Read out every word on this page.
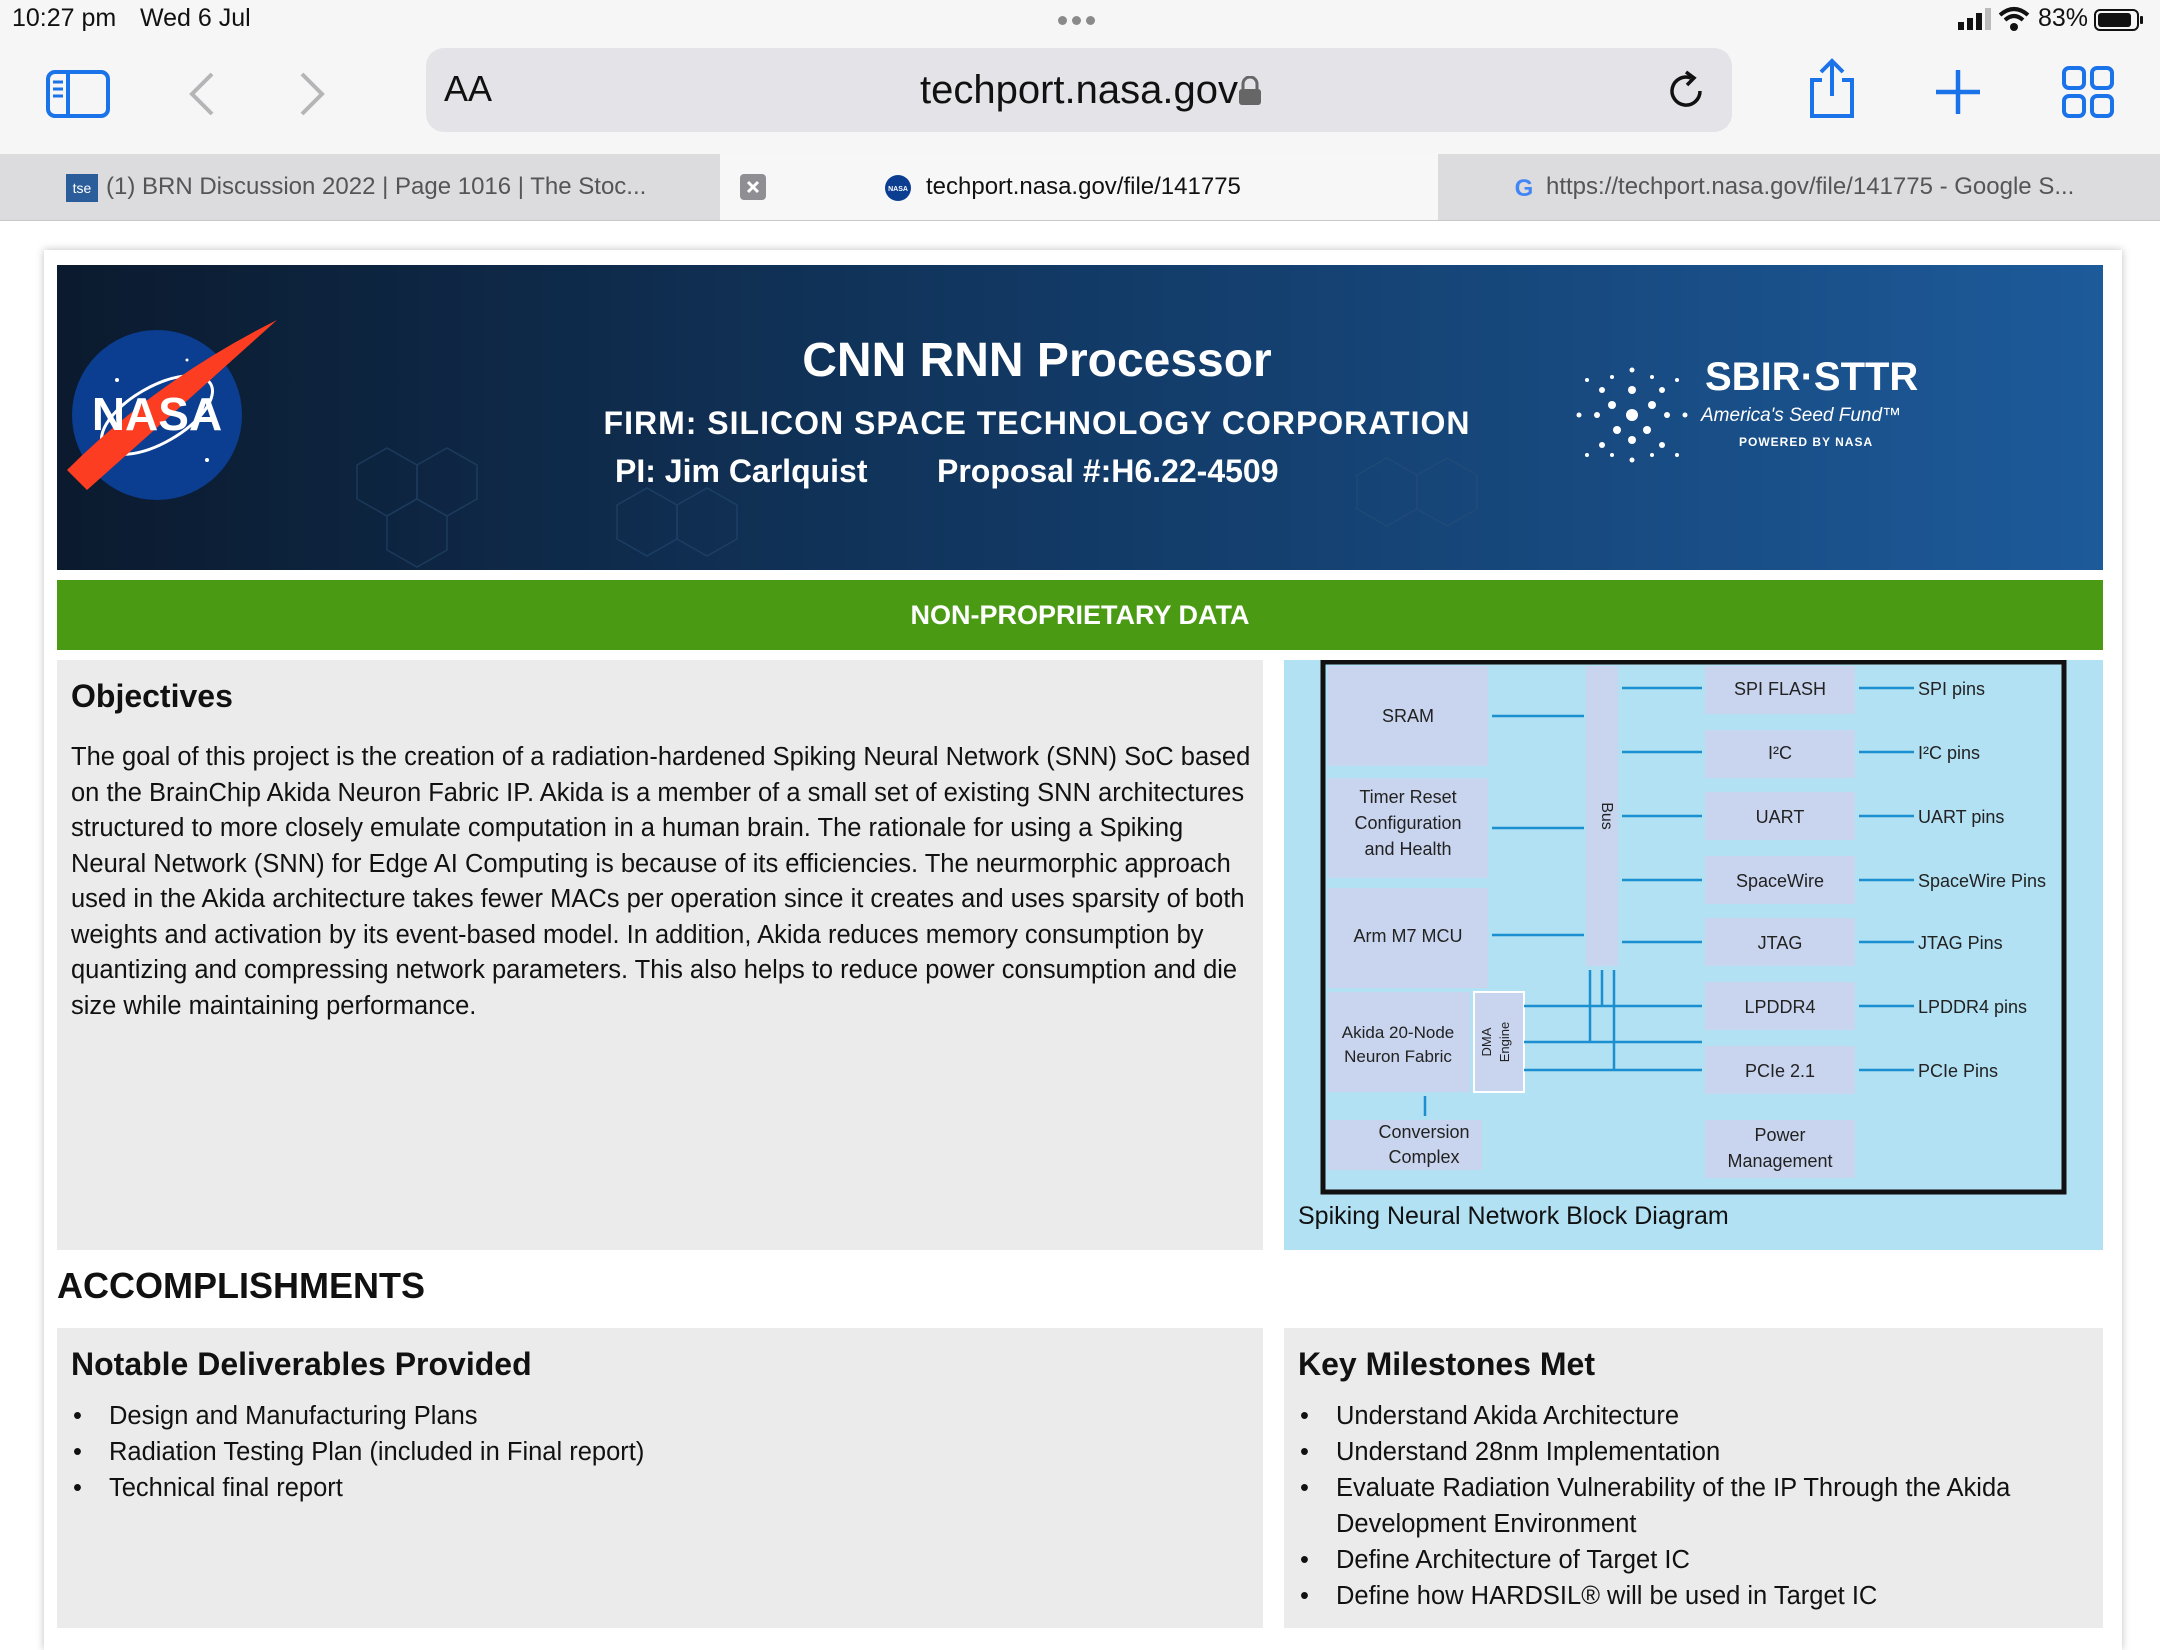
10:27 pm Wed 6 Jul	83%
AA	techport.nasa.gov
tse (1) BRN Discussion 2022 | Page 1016 | The Stoc...	NASA techport.nasa.gov/file/141775	G https://techport.nasa.gov/file/141775 - Google S...
NASA
CNN RNN Processor
FIRM: SILICON SPACE TECHNOLOGY CORPORATION
PI: Jim Carlquist Proposal #:H6.22-4509
SBIR·STTR
America's Seed Fund™
POWERED BY NASA
NON-PROPRIETARY DATA
Objectives

The goal of this project is the creation of a radiation-hardened Spiking Neural Network (SNN) SoC based on the BrainChip Akida Neuron Fabric IP. Akida is a member of a small set of existing SNN architectures structured to more closely emulate computation in a human brain. The rationale for using a Spiking Neural Network (SNN) for Edge AI Computing is because of its efficiencies. The neurmorphic approach used in the Akida architecture takes fewer MACs per operation since it creates and uses sparsity of both weights and activation by its event-based model. In addition, Akida reduces memory consumption by quantizing and compressing network parameters. This also helps to reduce power consumption and die size while maintaining performance.

SRAM
Timer Reset
Configuration
and Health
Arm M7 MCU
Akida 20-Node
Neuron Fabric
DMA Engine
Conversion
Complex
Bus
SPI FLASH
I²C
UART
SpaceWire
JTAG
LPDDR4
PCIe 2.1
Power
Management
SPI pins
I²C pins
UART pins
SpaceWire Pins
JTAG Pins
LPDDR4 pins
PCIe Pins
Spiking Neural Network Block Diagram
ACCOMPLISHMENTS
Notable Deliverables Provided
• Design and Manufacturing Plans
• Radiation Testing Plan (included in Final report)
• Technical final report
Key Milestones Met
• Understand Akida Architecture
• Understand 28nm Implementation
• Evaluate Radiation Vulnerability of the IP Through the Akida Development Environment
• Define Architecture of Target IC
• Define how HARDSIL® will be used in Target IC
